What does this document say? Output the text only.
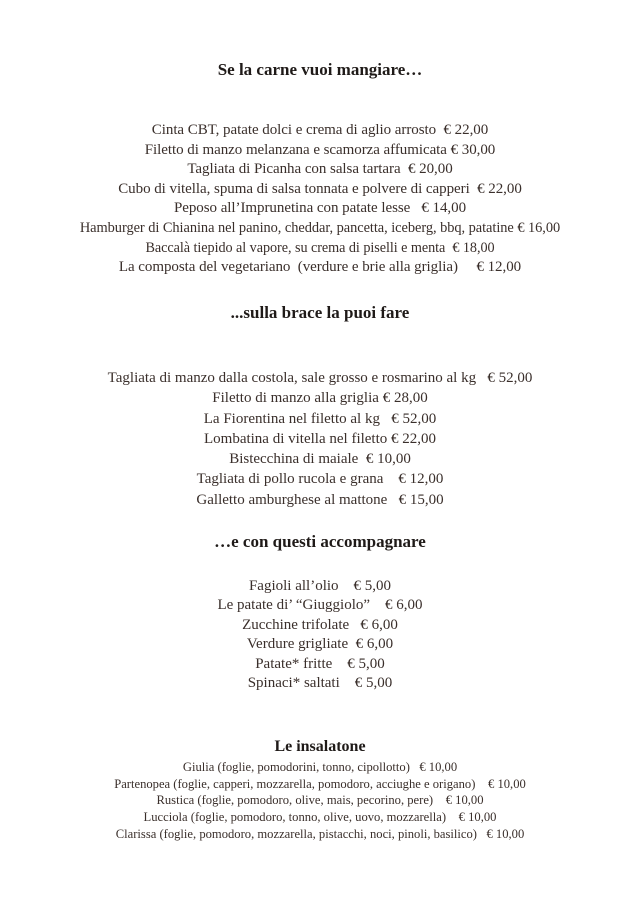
Se la carne vuoi mangiare…
Cinta CBT, patate dolci e crema di aglio arrosto € 22,00
Filetto di manzo melanzana e scamorza affumicata € 30,00
Tagliata di Picanha con salsa tartara € 20,00
Cubo di vitella, spuma di salsa tonnata e polvere di capperi € 22,00
Peposo all’Imprunetina con patate lesse € 14,00
Hamburger di Chianina nel panino, cheddar, pancetta, iceberg, bbq, patatine € 16,00
Baccalà tiepido al vapore, su crema di piselli e menta € 18,00
La composta del vegetariano  (verdure e brie alla griglia) € 12,00
...sulla brace la puoi fare
Tagliata di manzo dalla costola, sale grosso e rosmarino al kg € 52,00
Filetto di manzo alla griglia € 28,00
La Fiorentina nel filetto al kg € 52,00
Lombatina di vitella nel filetto € 22,00
Bistecchina di maiale € 10,00
Tagliata di pollo rucola e grana € 12,00
Galletto amburghese al mattone € 15,00
…e con questi accompagnare
Fagioli all’olio € 5,00
Le patate di’ “Giuggiolo” € 6,00
Zucchine trifolate € 6,00
Verdure grigliate € 6,00
Patate* fritte € 5,00
Spinaci* saltati € 5,00
Le insalatone
Giulia (foglie, pomodorini, tonno, cipollotto) € 10,00
Partenopea (foglie, capperi, mozzarella, pomodoro, acciughe e origano) € 10,00
Rustica (foglie, pomodoro, olive, mais, pecorino, pere) € 10,00
Lucciola (foglie, pomodoro, tonno, olive, uovo, mozzarella) € 10,00
Clarissa (foglie, pomodoro, mozzarella, pistacchi, noci, pinoli, basilico) € 10,00
